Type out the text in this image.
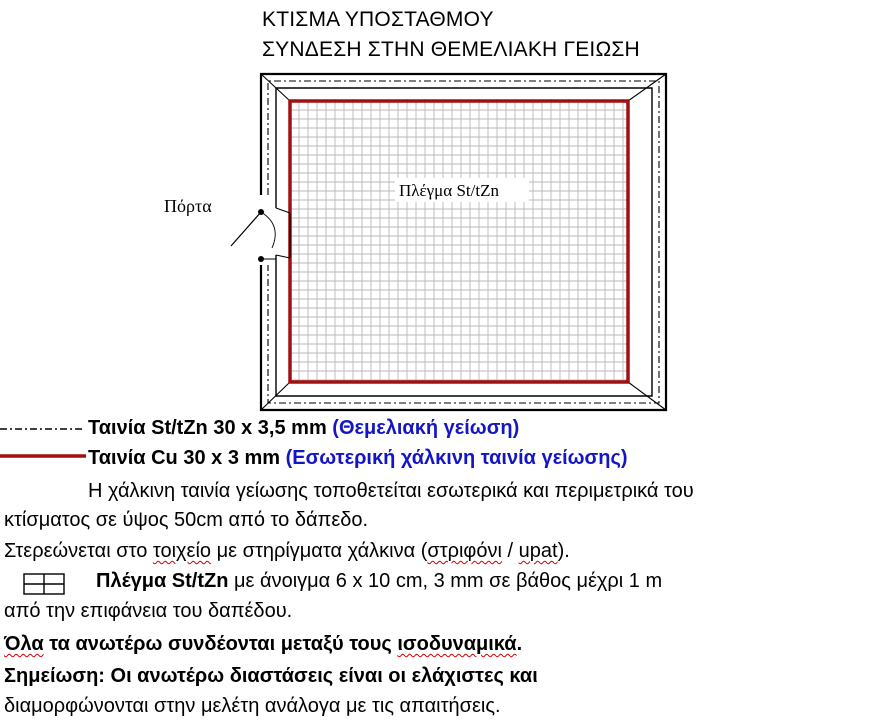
ΚΤΙΣΜΑ ΥΠΟΣΤΑΘΜΟΥ
ΣΥΝΔΕΣΗ ΣΤΗΝ ΘΕΜΕΛΙΑΚΗ ΓΕΙΩΣΗ
Πόρτα
Πλέγμα St/tZn
Ταινία St/tZn 30 x 3,5 mm (Θεμελιακή γείωση)
Ταινία Cu 30 x 3 mm (Εσωτερική χάλκινη ταινία γείωσης)
Η χάλκινη ταινία γείωσης τοποθετείται εσωτερικά και περιμετρικά του
κτίσματος σε ύψος 50cm από το δάπεδο.
Στερεώνεται στο τοιχείο με στηρίγματα χάλκινα (στριφόνι / upat).
Πλέγμα St/tZn με άνοιγμα 6 x 10 cm, 3 mm σε βάθος μέχρι 1 m
από την επιφάνεια του δαπέδου.
Όλα τα ανωτέρω συνδέονται μεταξύ τους ισοδυναμικά.
Σημείωση: Οι ανωτέρω διαστάσεις είναι οι ελάχιστες και
διαμορφώνονται στην μελέτη ανάλογα με τις απαιτήσεις.
